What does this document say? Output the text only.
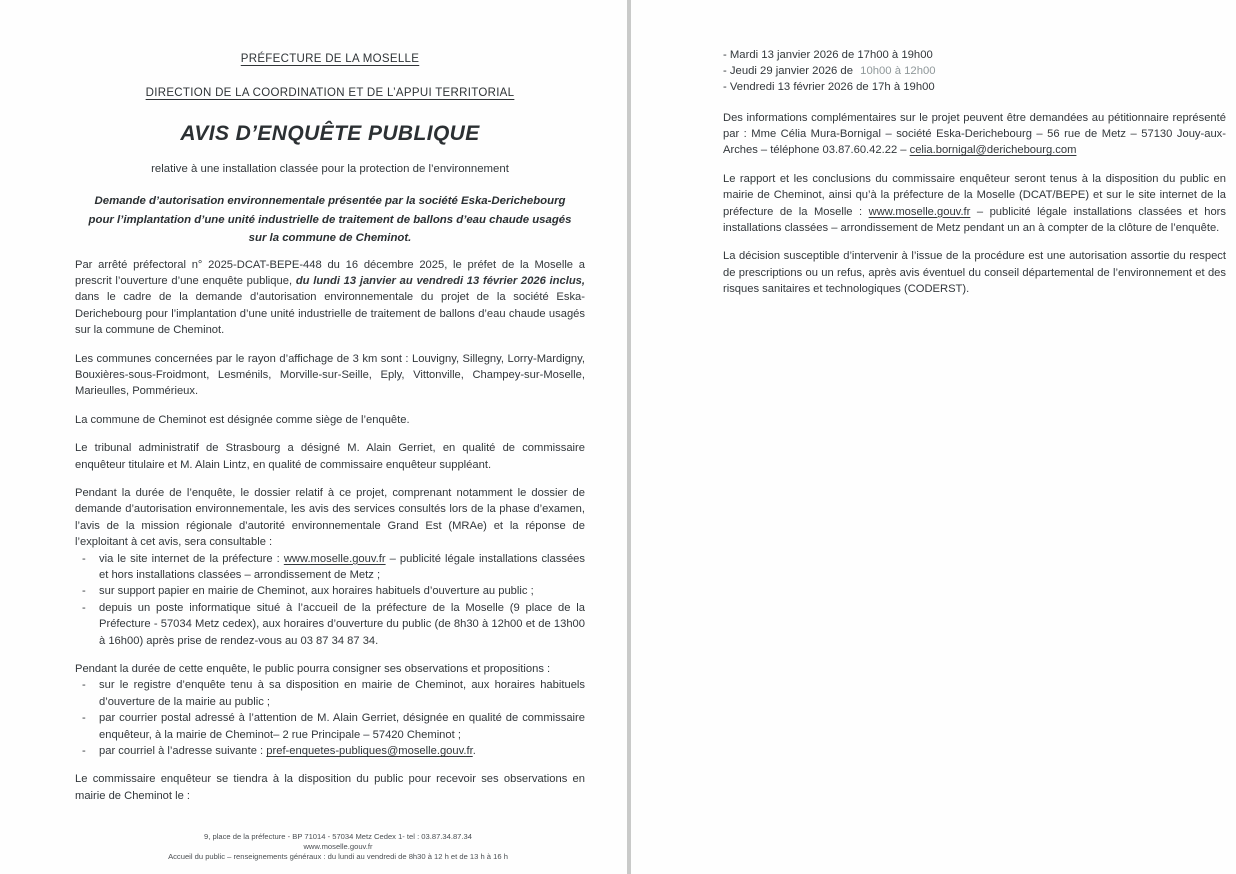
PRÉFECTURE DE LA MOSELLE
DIRECTION DE LA COORDINATION ET DE L’APPUI TERRITORIAL
AVIS D’ENQUÊTE PUBLIQUE
relative à une installation classée pour la protection de l’environnement
Demande d’autorisation environnementale présentée par la société Eska-Derichebourg pour l’implantation d’une unité industrielle de traitement de ballons d’eau chaude usagés sur la commune de Cheminot.

Par arrêté préfectoral n° 2025-DCAT-BEPE-448 du 16 décembre 2025, le préfet de la Moselle a prescrit l’ouverture d’une enquête publique, du lundi 13 janvier au vendredi 13 février 2026 inclus, dans le cadre de la demande d’autorisation environnementale du projet de la société Eska-Derichebourg pour l’implantation d’une unité industrielle de traitement de ballons d’eau chaude usagés sur la commune de Cheminot.

Les communes concernées par le rayon d’affichage de 3 km sont : Louvigny, Sillegny, Lorry-Mardigny, Bouxières-sous-Froidmont, Lesménils, Morville-sur-Seille, Eply, Vittonville, Champey-sur-Moselle, Marieulles, Pommérieux.

La commune de Cheminot est désignée comme siège de l’enquête.

Le tribunal administratif de Strasbourg a désigné M. Alain Gerriet, en qualité de commissaire enquêteur titulaire et M. Alain Lintz, en qualité de commissaire enquêteur suppléant.

Pendant la durée de l’enquête, le dossier relatif à ce projet, comprenant notamment le dossier de demande d’autorisation environnementale, les avis des services consultés lors de la phase d’examen, l’avis de la mission régionale d’autorité environnementale Grand Est (MRAe) et la réponse de l’exploitant à cet avis, sera consultable :

-	via le site internet de la préfecture : www.moselle.gouv.fr – publicité légale installations classées et hors installations classées – arrondissement de Metz ;
-	sur support papier en mairie de Cheminot, aux horaires habituels d’ouverture au public ;
-	depuis un poste informatique situé à l’accueil de la préfecture de la Moselle (9 place de la Préfecture - 57034 Metz cedex), aux horaires d’ouverture du public (de 8h30 à 12h00 et de 13h00 à 16h00) après prise de rendez-vous au 03 87 34 87 34.

Pendant la durée de cette enquête, le public pourra consigner ses observations et propositions :

-	sur le registre d’enquête tenu à sa disposition en mairie de Cheminot, aux horaires habituels d’ouverture de la mairie au public ;
-	par courrier postal adressé à l’attention de M. Alain Gerriet, désignée en qualité de commissaire enquêteur, à la mairie de Cheminot– 2 rue Principale – 57420 Cheminot ;
-	par courriel à l’adresse suivante : pref-enquetes-publiques@moselle.gouv.fr.

Le commissaire enquêteur se tiendra à la disposition du public pour recevoir ses observations en mairie de Cheminot le :

9, place de la préfecture - BP 71014 - 57034 Metz Cedex 1- tel : 03.87.34.87.34
www.moselle.gouv.fr
Accueil du public – renseignements généraux : du lundi au vendredi de 8h30 à 12 h et de 13 h à 16 h
- Mardi 13 janvier 2026 de 17h00 à 19h00
- Jeudi 29 janvier 2026 de 10h00 à 12h00
- Vendredi 13 février 2026 de 17h à 19h00

Des informations complémentaires sur le projet peuvent être demandées au pétitionnaire représenté par : Mme Célia Mura-Bornigal – société Eska-Derichebourg – 56 rue de Metz – 57130 Jouy-aux-Arches – téléphone 03.87.60.42.22 – celia.bornigal@derichebourg.com

Le rapport et les conclusions du commissaire enquêteur seront tenus à la disposition du public en mairie de Cheminot, ainsi qu’à la préfecture de la Moselle (DCAT/BEPE) et sur le site internet de la préfecture de la Moselle : www.moselle.gouv.fr – publicité légale installations classées et hors installations classées – arrondissement de Metz pendant un an à compter de la clôture de l’enquête.

La décision susceptible d’intervenir à l’issue de la procédure est une autorisation assortie du respect de prescriptions ou un refus, après avis éventuel du conseil départemental de l’environnement et des risques sanitaires et technologiques (CODERST).
